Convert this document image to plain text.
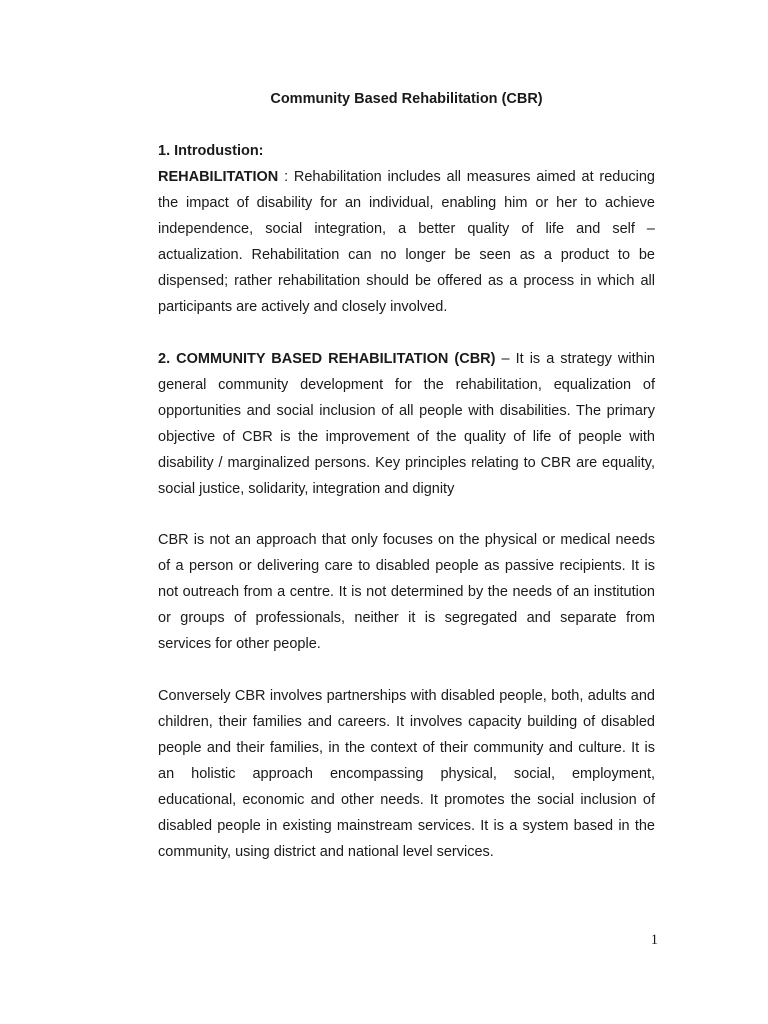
Community Based Rehabilitation (CBR)
1. Introdustion:

REHABILITATION : Rehabilitation includes all measures aimed at reducing the impact of disability for an individual, enabling him or her to achieve independence, social integration, a better quality of life and self – actualization. Rehabilitation can no longer be seen as a product to be dispensed; rather rehabilitation should be offered as a process in which all participants are actively and closely involved.

2. COMMUNITY BASED REHABILITATION (CBR) – It is a strategy within general community development for the rehabilitation, equalization of opportunities and social inclusion of all people with disabilities. The primary objective of CBR is the improvement of the quality of life of people with disability / marginalized persons. Key principles relating to CBR are equality, social justice, solidarity, integration and dignity

CBR is not an approach that only focuses on the physical or medical needs of a person or delivering care to disabled people as passive recipients. It is not outreach from a centre. It is not determined by the needs of an institution or groups of professionals, neither it is segregated and separate from services for other people.

Conversely CBR involves partnerships with disabled people, both, adults and children, their families and careers. It involves capacity building of disabled people and their families, in the context of their community and culture. It is an holistic approach encompassing physical, social, employment, educational, economic and other needs. It promotes the social inclusion of disabled people in existing mainstream services. It is a system based in the community, using district and national level services.

1
